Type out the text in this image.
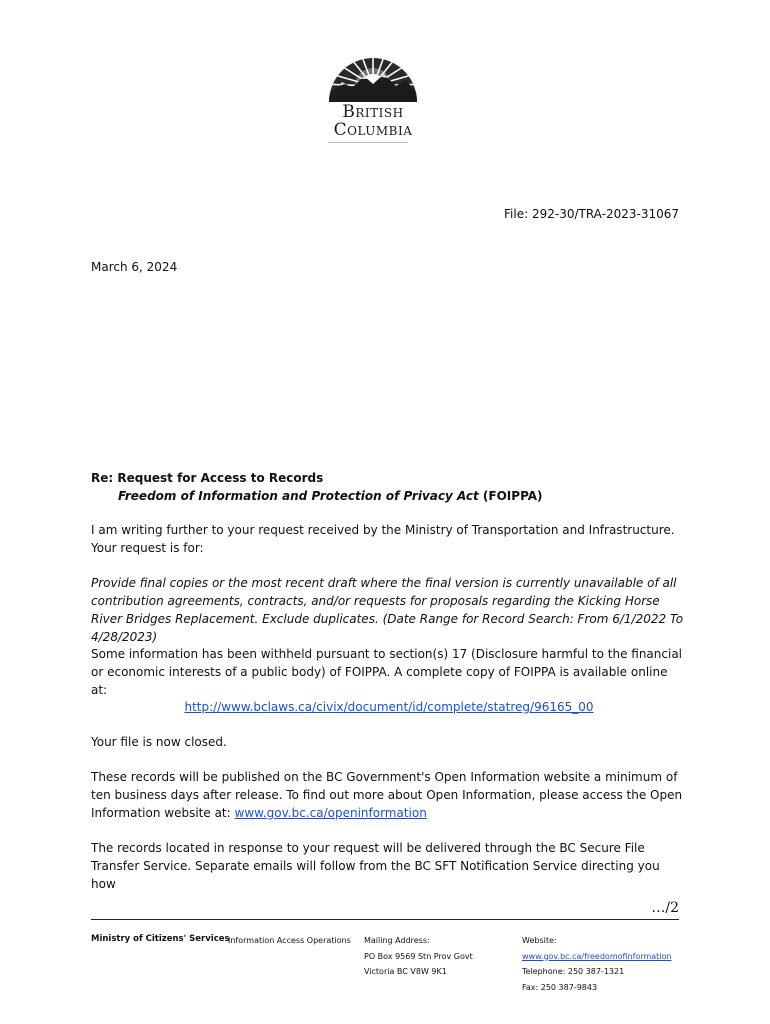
British
Columbia
File: 292-30/TRA-2023-31067
March 6, 2024
Re: Request for Access to Records
Freedom of Information and Protection of Privacy Act (FOIPPA)
I am writing further to your request received by the Ministry of Transportation and Infrastructure. Your request is for:
Provide final copies or the most recent draft where the final version is currently unavailable of all contribution agreements, contracts, and/or requests for proposals regarding the Kicking Horse River Bridges Replacement. Exclude duplicates. (Date Range for Record Search: From 6/1/2022 To 4/28/2023)
Some information has been withheld pursuant to section(s) 17 (Disclosure harmful to the financial or economic interests of a public body) of FOIPPA. A complete copy of FOIPPA is available online at:
http://www.bclaws.ca/civix/document/id/complete/statreg/96165_00
Your file is now closed.
These records will be published on the BC Government's Open Information website a minimum of ten business days after release. To find out more about Open Information, please access the Open Information website at: www.gov.bc.ca/openinformation
The records located in response to your request will be delivered through the BC Secure File Transfer Service. Separate emails will follow from the BC SFT Notification Service directing you how
…/2
Ministry of Citizens' Services
Information Access Operations Mailing Address:
PO Box 9569 Stn Prov Govt
Victoria BC V8W 9K1
Website:
www.gov.bc.ca/freedomofinformation
Telephone: 250 387-1321
Fax: 250 387-9843
